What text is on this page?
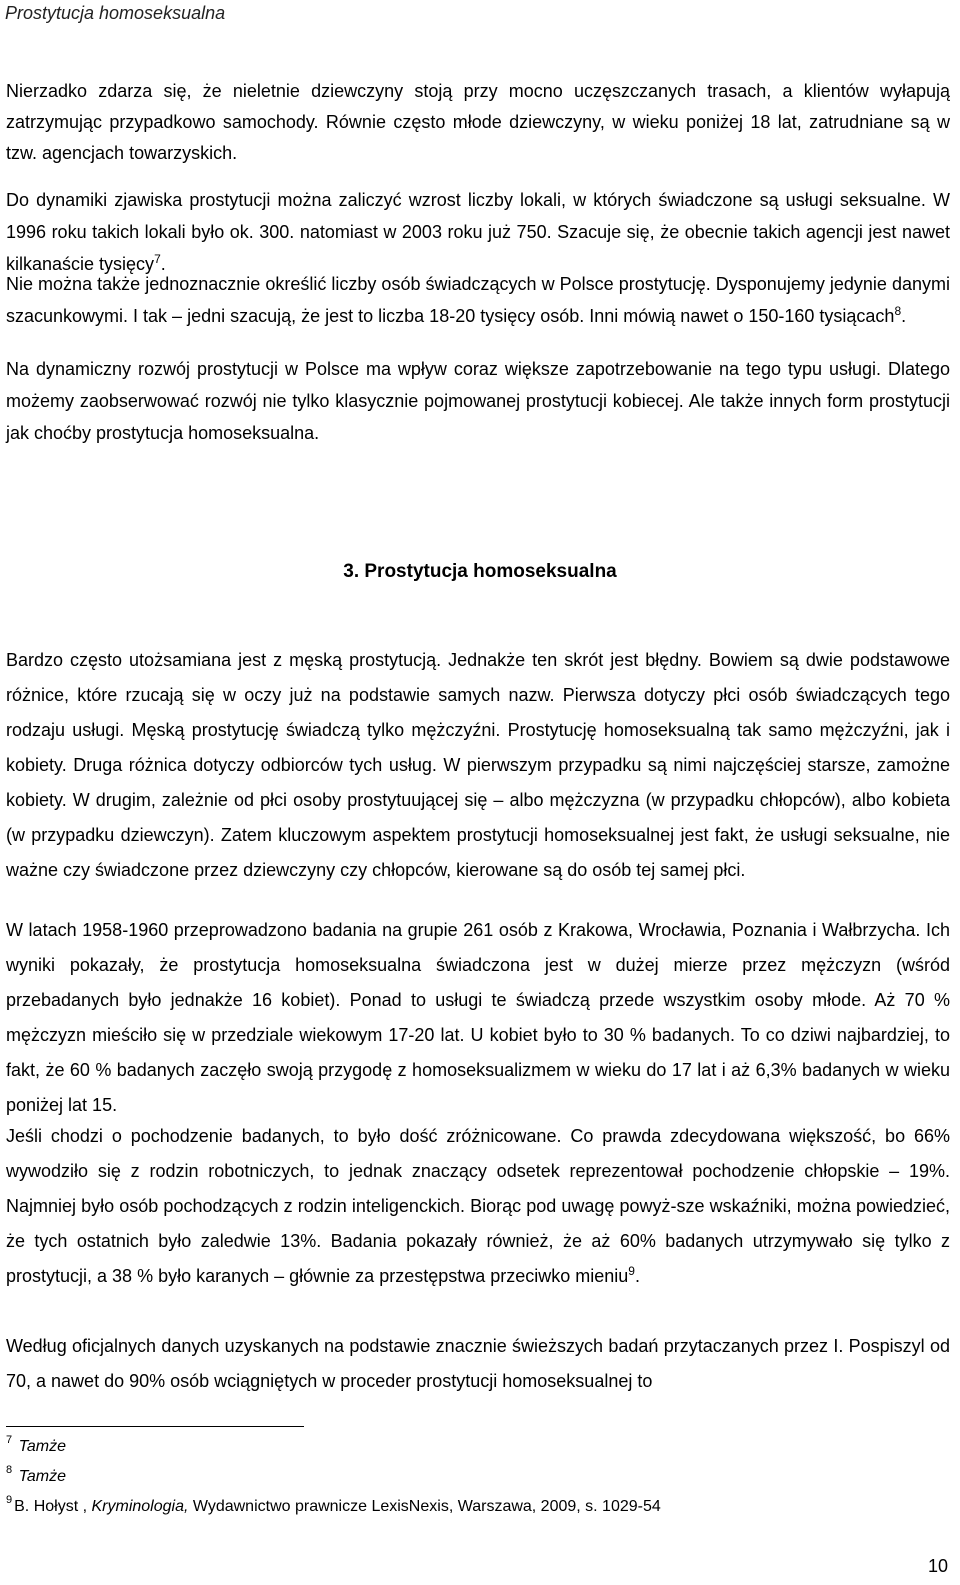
Prostytucja homoseksualna

Nierzadko zdarza się, że nieletnie dziewczyny stoją przy mocno uczęszczanych trasach, a klientów wyłapują zatrzymując przypadkowo samochody. Równie często młode dziewczyny, w wieku poniżej 18 lat, zatrudniane są w tzw. agencjach towarzyskich.

Do dynamiki zjawiska prostytucji można zaliczyć wzrost liczby lokali, w których świadczone są usługi seksualne. W 1996 roku takich lokali było ok. 300. natomiast w 2003 roku już 750. Szacuje się, że obecnie takich agencji jest nawet kilkanaście tysięcy$^7$.

Nie można także jednoznacznie określić liczby osób świadczących w Polsce prostytucję. Dysponujemy jedynie danymi szacunkowymi. I tak – jedni szacują, że jest to liczba 18-20 tysięcy osób. Inni mówią nawet o 150-160 tysiącach$^8$.

Na dynamiczny rozwój prostytucji w Polsce ma wpływ coraz większe zapotrzebowanie na tego typu usługi. Dlatego możemy zaobserwować rozwój nie tylko klasycznie pojmowanej prostytucji kobiecej. Ale także innych form prostytucji jak choćby prostytucja homoseksualna.

3. Prostytucja homoseksualna

Bardzo często utożsamiana jest z męską prostytucją. Jednakże ten skrót jest błędny. Bowiem są dwie podstawowe różnice, które rzucają się w oczy już na podstawie samych nazw. Pierwsza dotyczy płci osób świadczących tego rodzaju usługi. Męską prostytucję świadczą tylko mężczyźni. Prostytucję homoseksualną tak samo mężczyźni, jak i kobiety. Druga różnica dotyczy odbiorców tych usług. W pierwszym przypadku są nimi najczęściej starsze, zamożne kobiety. W drugim, zależnie od płci osoby prostytuującej się – albo mężczyzna (w przypadku chłopców), albo kobieta (w przypadku dziewczyn). Zatem kluczowym aspektem prostytucji homoseksualnej jest fakt, że usługi seksualne, nie ważne czy świadczone przez dziewczyny czy chłopców, kierowane są do osób tej samej płci.

W latach 1958-1960 przeprowadzono badania na grupie 261 osób z Krakowa, Wrocławia, Poznania i Wałbrzycha. Ich wyniki pokazały, że prostytucja homoseksualna świadczona jest w dużej mierze przez mężczyzn (wśród przebadanych było jednakże 16 kobiet). Ponad to usługi te świadczą przede wszystkim osoby młode. Aż 70 % mężczyzn mieściło się w przedziale wiekowym 17-20 lat. U kobiet było to 30 % badanych. To co dziwi najbardziej, to fakt, że 60 % badanych zaczęło swoją przygodę z homoseksualizmem w wieku do 17 lat i aż 6,3% badanych w wieku poniżej lat 15.

Jeśli chodzi o pochodzenie badanych, to było dość zróżnicowane. Co prawda zdecydowana większość, bo 66% wywodziło się z rodzin robotniczych, to jednak znaczący odsetek reprezentował pochodzenie chłopskie – 19%. Najmniej było osób pochodzących z rodzin inteligenckich. Biorąc pod uwagę powyż-sze wskaźniki, można powiedzieć, że tych ostatnich było zaledwie 13%. Badania pokazały również, że aż 60% badanych utrzymywało się tylko z prostytucji, a 38 % było karanych – głównie za przestępstwa przeciwko mieniu$^9$.

Według oficjalnych danych uzyskanych na podstawie znacznie świeższych badań przytaczanych przez I. Pospiszyl od 70, a nawet do 90% osób wciągniętych w proceder prostytucji homoseksualnej to

$^7$ Tamże
$^8$ Tamże
$^9$ B. Hołyst , Kryminologia, Wydawnictwo prawnicze LexisNexis, Warszawa, 2009, s. 1029-54
10
